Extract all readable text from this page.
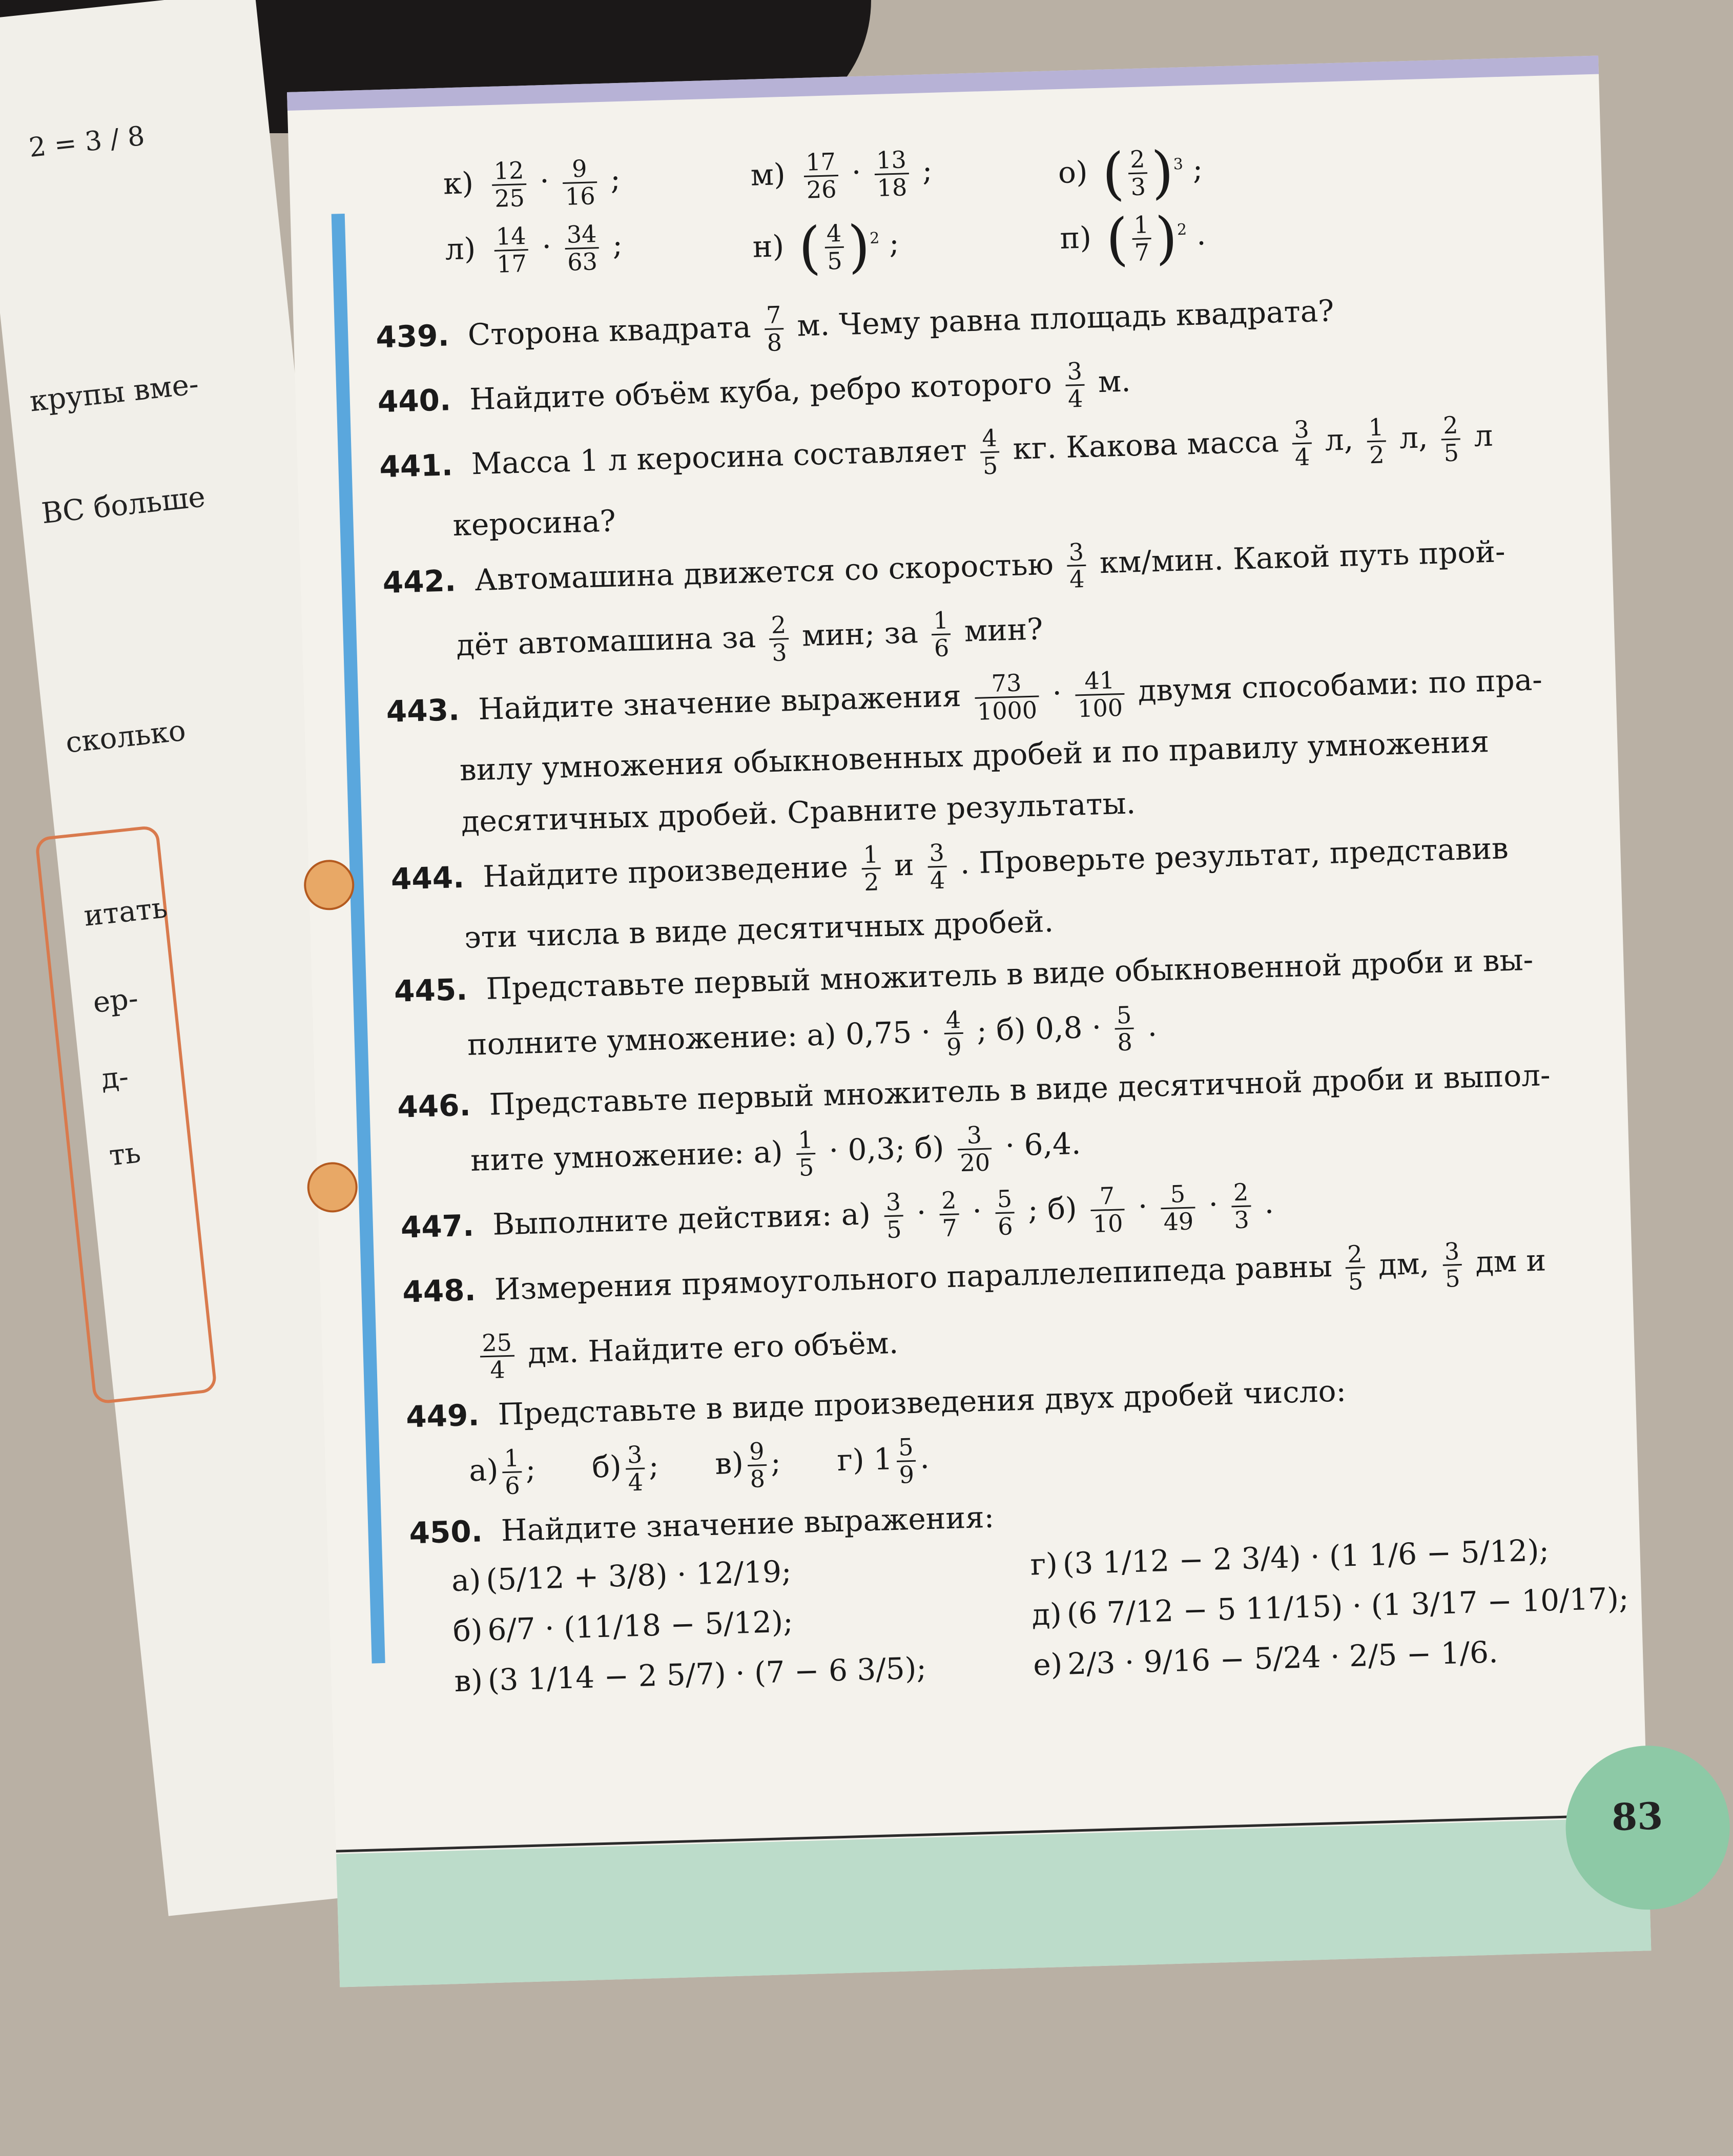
2 = 3 / 8
крупы вме-
ВС больше
сколько
итать
ер-
д-
ть
83
$к) \frac{12}{25} \cdot \frac{9}{16}$ ;	$м) \frac{17}{26} \cdot \frac{13}{18}$ ;	о) ( $\frac{2}{3} )^3$ ;
$л) \frac{14}{17} \cdot \frac{34}{63}$ ;	н) ( $\frac{4}{5} )^2$ ;	п) ( $\frac{1}{7} )^2$ .
439. Сторона квадрата $\frac{7}{8} м$. Чему равна площадь квадрата?
440. Найдите объём куба, ребро которого $\frac{3}{4} м$.
441. Масса 1 л керосина составляет $\frac{4}{5}$ кг. Какова масса $\frac{3}{4} л$, $\frac{1}{2} л$, $\frac{2}{5}$ л
керосина?
442. Автомашина движется со скоростью $\frac{3}{4} км/мин$. Какой путь прой-
дёт автомашина за $\frac{2}{3}$ мин; за $\frac{1}{6}$ мин?
443. Найдите значение выражения $\frac{73}{1000} \cdot \frac{41}{100}$ двумя способами: по пра-
вилу умножения обыкновенных дробей и по правилу умножения
десятичных дробей. Сравните результаты.
444. Найдите произведение $\frac{1}{2}$ и $\frac{3}{4}$ . Проверьте результат, представив
эти числа в виде десятичных дробей.
445. Представьте первый множитель в виде обыкновенной дроби и вы-
полните умножение: а) $0,75 \cdot \frac{4}{9}$ ; б) $0,8 \cdot \frac{5}{8}$ .
446. Представьте первый множитель в виде десятичной дроби и выпол-
ните умножение: $а) \frac{1}{5} \cdot 0,3$; $б) \frac{3}{20} \cdot 6,4$.
447. Выполните действия: $а) \frac{3}{5} \cdot \frac{2}{7} \cdot \frac{5}{6}$ ; $б) \frac{7}{10} \cdot \frac{5}{49} \cdot \frac{2}{3}$ .
448. Измерения прямоугольного параллелепипеда равны $\frac{2}{5}$ дм, $\frac{3}{5}$ дм и
$\frac{25}{4}$ дм. Найдите его объём.
449. Представьте в виде произведения двух дробей число:
$а) \frac{1}{6}$ ; $б) \frac{3}{4}$ ; $в) \frac{9}{8}$ ; г) $1 \frac{5}{9}$ .
450. Найдите значение выражения:
а) (5/12 + 3/8) · 12/19;	г) (3 1/12 − 2 3/4) · (1 1/6 − 5/12);
б) 6/7 · (11/18 − 5/12);	д) (6 7/12 − 5 11/15) · (1 3/17 − 10/17);
в) (3 1/14 − 2 5/7) · (7 − 6 3/5);	е) 2/3 · 9/16 − 5/24 · 2/5 − 1/6.
